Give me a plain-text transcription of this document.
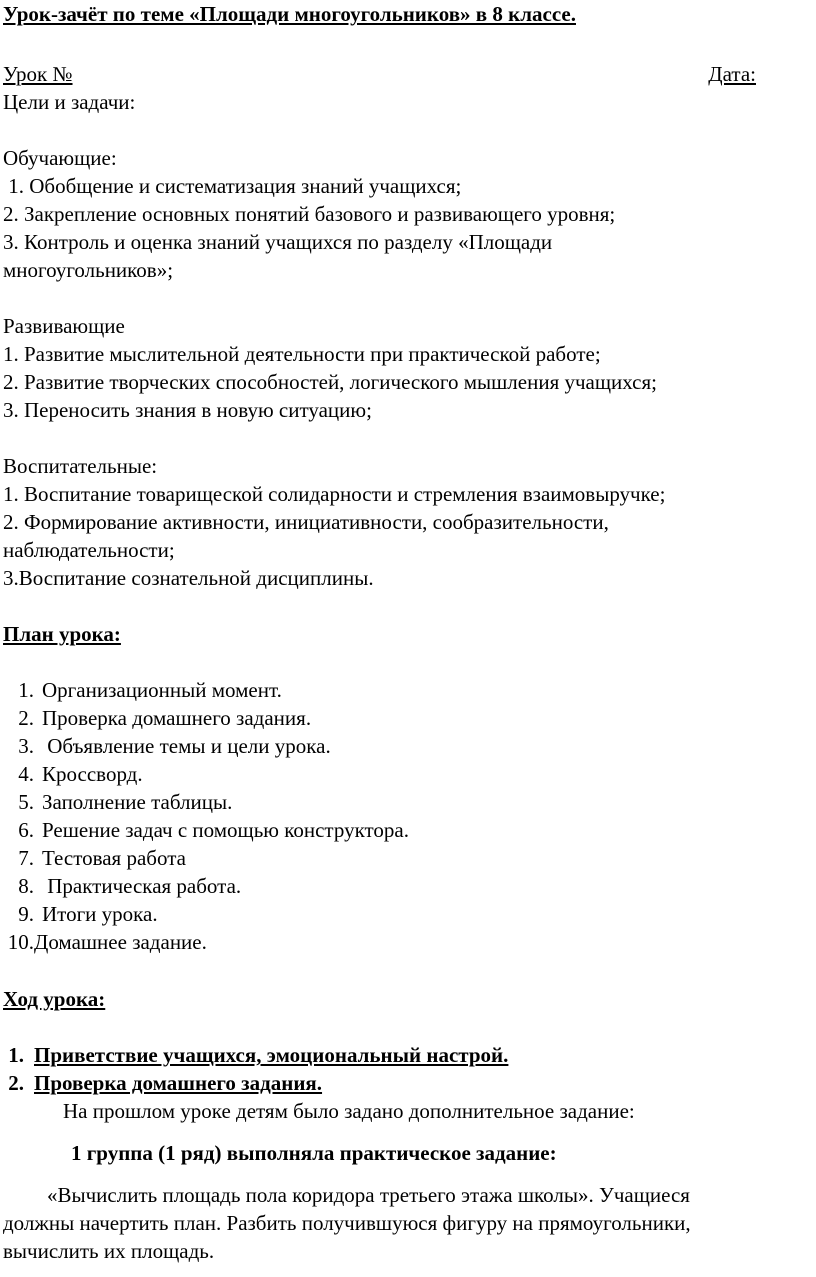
Урок-зачёт по теме «Площади многоугольников» в 8 классе.
Урок №	Дата:
Цели и задачи:
Обучающие:
1. Обобщение и систематизация знаний учащихся;
2. Закрепление основных понятий базового и развивающего уровня;
3. Контроль и оценка знаний учащихся по разделу «Площади
многоугольников»;
Развивающие
1. Развитие мыслительной деятельности при практической работе;
2. Развитие творческих способностей, логического мышления учащихся;
3. Переносить знания в новую ситуацию;
Воспитательные:
1. Воспитание товарищеской солидарности и стремления взаимовыручке;
2. Формирование активности, инициативности, сообразительности,
наблюдательности;
3.Воспитание сознательной дисциплины.
План урока:
1. Организационный момент.
2. Проверка домашнего задания.
3. Объявление темы и цели урока.
4. Кроссворд.
5. Заполнение таблицы.
6. Решение задач с помощью конструктора.
7. Тестовая работа
8. Практическая работа.
9. Итоги урока.
10.Домашнее задание.
Ход урока:
1. Приветствие учащихся, эмоциональный настрой.
2. Проверка домашнего задания.
На прошлом уроке детям было задано дополнительное задание:
1 группа (1 ряд) выполняла практическое задание:
«Вычислить площадь пола коридора третьего этажа школы». Учащиеся
должны начертить план. Разбить получившуюся фигуру на прямоугольники,
вычислить их площадь.
